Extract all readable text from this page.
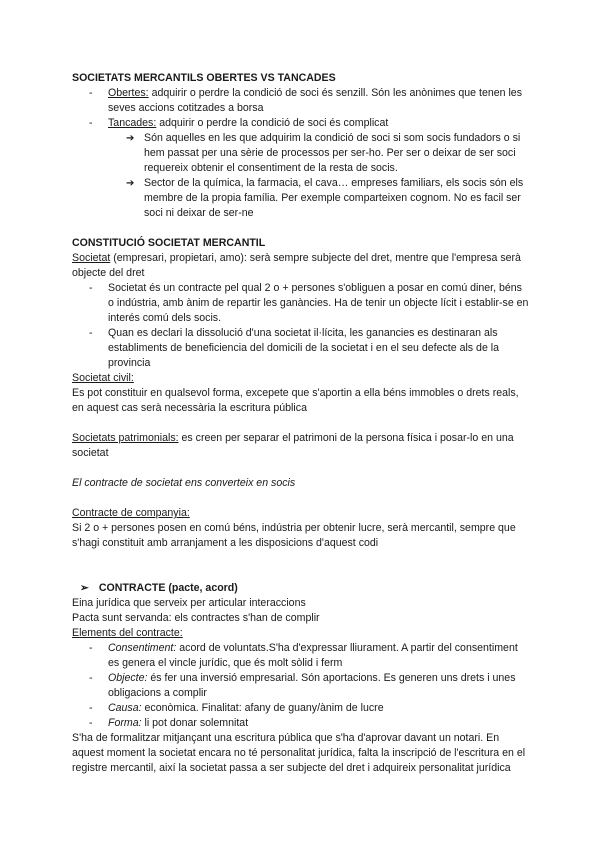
SOCIETATS MERCANTILS OBERTES VS TANCADES

- Obertes: adquirir o perdre la condició de soci és senzill. Són les anònimes que tenen les seves accions cotitzades a borsa
- Tancades: adquirir o perdre la condició de soci és complicat
➔ Són aquelles en les que adquirim la condició de soci si som socis fundadors o si hem passat per una sèrie de processos per ser-ho. Per ser o deixar de ser soci requereix obtenir el consentiment de la resta de socis.
➔ Sector de la química, la farmacia, el cava… empreses familiars, els socis són els membre de la propia família. Per exemple comparteixen cognom. No es facil ser soci ni deixar de ser-ne

CONSTITUCIÓ SOCIETAT MERCANTIL

Societat (empresari, propietari, amo): serà sempre subjecte del dret, mentre que l'empresa serà objecte del dret

- Societat és un contracte pel qual 2 o + persones s'obliguen a posar en comú diner, béns o indústria, amb ànim de repartir les ganàncies. Ha de tenir un objecte lícit i establir-se en interés comú dels socis.
- Quan es declari la dissolució d'una societat il·lícita, les ganancies es destinaran als establiments de beneficiencia del domicili de la societat i en el seu defecte als de la provincia

Societat civil:

Es pot constituir en qualsevol forma, excepete que s'aportin a ella béns immobles o drets reals, en aquest cas serà necessària la escritura pública

Societats patrimonials: es creen per separar el patrimoni de la persona física i posar-lo en una societat

El contracte de societat ens converteix en socis

Contracte de companyia:

Si 2 o + persones posen en comú béns, indústria per obtenir lucre, serà mercantil, sempre que s'hagi constituit amb arranjament a les disposicions d'aquest codi

➢ CONTRACTE (pacte, acord)

Eina jurídica que serveix per articular interaccions

Pacta sunt servanda: els contractes s'han de complir

Elements del contracte:

- Consentiment: acord de voluntats.S'ha d'expressar lliurament. A partir del consentiment es genera el vincle jurídic, que és molt sòlid i ferm
- Objecte: és fer una inversió empresarial. Són aportacions. Es generen uns drets i unes obligacions a complir
- Causa: econòmica. Finalitat: afany de guany/ànim de lucre
- Forma: li pot donar solemnitat

S'ha de formalitzar mitjançant una escritura pública que s'ha d'aprovar davant un notari. En aquest moment la societat encara no té personalitat jurídica, falta la inscripció de l'escritura en el registre mercantil, així la societat passa a ser subjecte del dret i adquireix personalitat jurídica
